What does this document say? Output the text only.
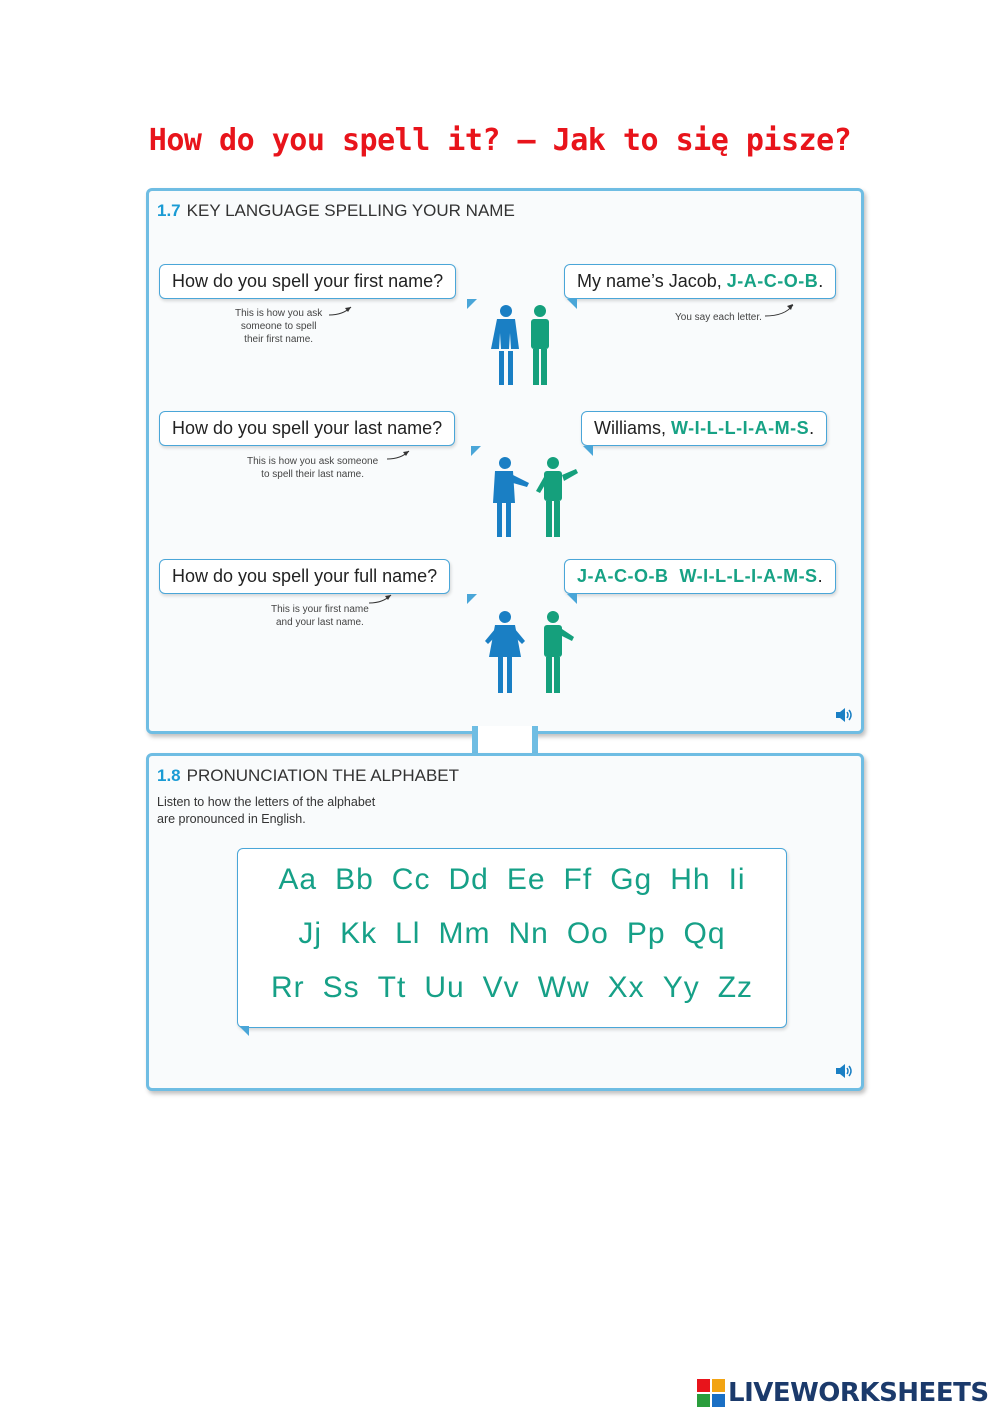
How do you spell it? – Jak to się pisze?
1.7 KEY LANGUAGE SPELLING YOUR NAME
How do you spell your first name?	My name’s Jacob, J-A-C-O-B.
This is how you ask
someone to spell
their first name.
You say each letter.
How do you spell your last name?	Williams, W-I-L-L-I-A-M-S.
This is how you ask someone
to spell their last name.
How do you spell your full name?	J-A-C-O-B  W-I-L-L-I-A-M-S.
This is your first name
and your last name.
1.8 PRONUNCIATION THE ALPHABET
Listen to how the letters of the alphabet are pronounced in English.
Aa Bb Cc Dd Ee Ff Gg Hh Ii
Jj Kk Ll Mm Nn Oo Pp Qq
Rr Ss Tt Uu Vv Ww Xx Yy Zz
LIVEWORKSHEETS
